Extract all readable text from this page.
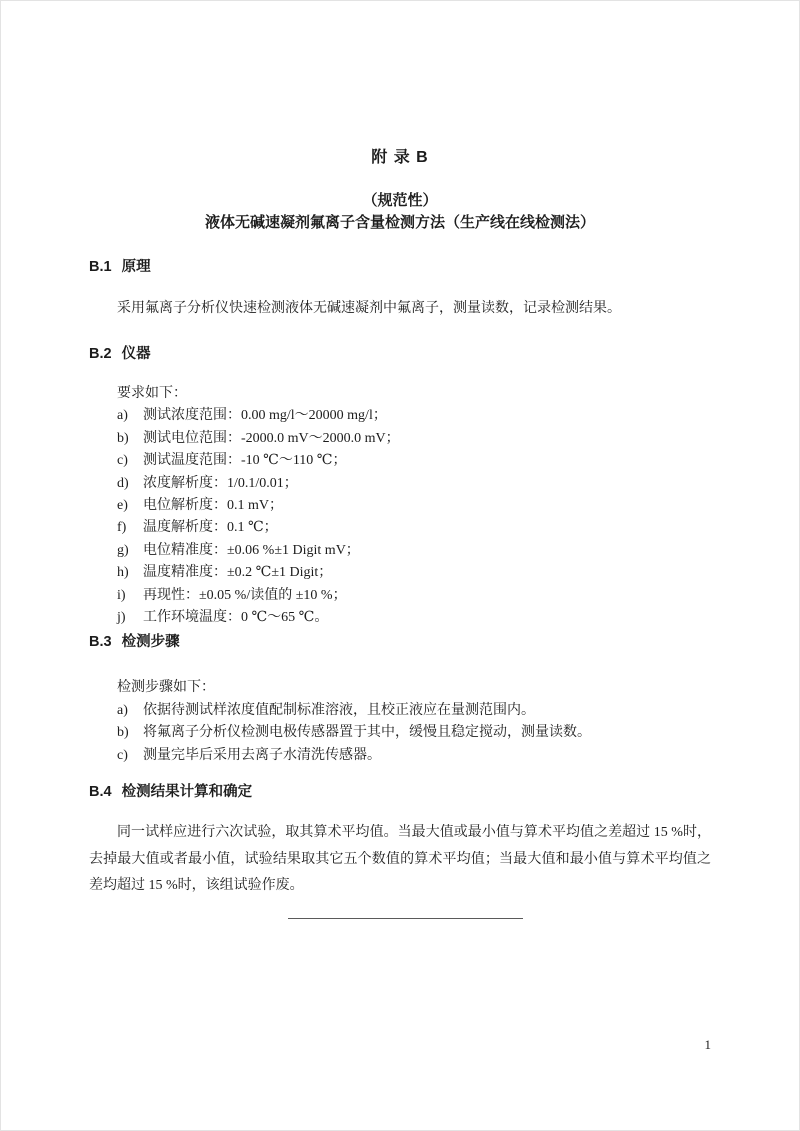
附 录 B
（规范性）
液体无碱速凝剂氟离子含量检测方法（生产线在线检测法）
B.1 原理
采用氟离子分析仪快速检测液体无碱速凝剂中氟离子，测量读数，记录检测结果。
B.2 仪器
要求如下：
a)	测试浓度范围：0.00 mg/l～20000 mg/l；
b)	测试电位范围：-2000.0 mV～2000.0 mV；
c)	测试温度范围：-10 ℃～110 ℃；
d)	浓度解析度：1/0.1/0.01；
e)	电位解析度：0.1 mV；
f)	温度解析度：0.1 ℃；
g)	电位精准度：±0.06 %±1 Digit mV；
h)	温度精准度：±0.2 ℃±1 Digit；
i)	再现性：±0.05 %/读值的 ±10 %；
j)	工作环境温度：0 ℃～65 ℃。
B.3 检测步骤
检测步骤如下：
a)	依据待测试样浓度值配制标准溶液，且校正液应在量测范围内。
b)	将氟离子分析仪检测电极传感器置于其中，缓慢且稳定搅动，测量读数。
c)	测量完毕后采用去离子水清洗传感器。
B.4 检测结果计算和确定
同一试样应进行六次试验，取其算术平均值。当最大值或最小值与算术平均值之差超过 15 %时，去掉最大值或者最小值，试验结果取其它五个数值的算术平均值；当最大值和最小值与算术平均值之差均超过 15 %时，该组试验作废。
1
